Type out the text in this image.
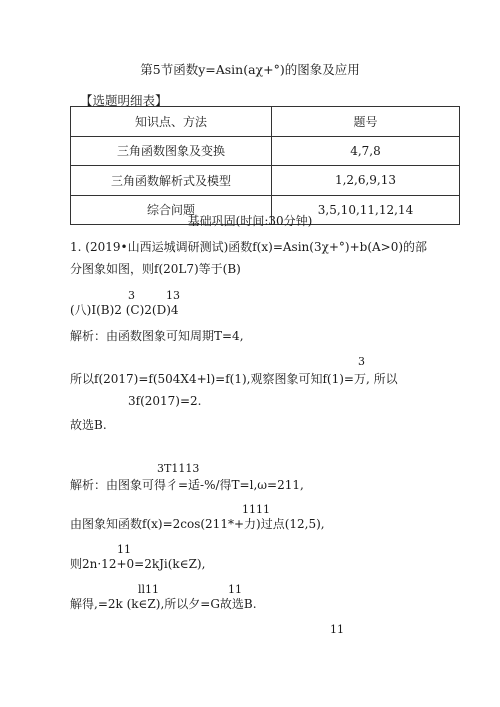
第5节函数y=Asin(aχ+°)的图象及应用
【选题明细表】
知识点、方法	题号
三角函数图象及变换	4,7,8
三角函数解析式及模型	1,2,6,9,13
综合问题	3,5,10,11,12,14
基础巩固(时间:30分钟)
1. (2019•山西运城调研测试)函数f(x)=Asin(3χ+°)+b(A>0)的部
分图象如图，则f(20L7)等于(B)
3	13
(八)I(B)2 (C)2(D)4
解析：由函数图象可知周期T=4,
3
所以f(2017)=f(504X4+l)=f(1),观察图象可知f(1)=万, 所以
3f(2017)=2.
故选B.
3T1113
解析：由图象可得彳=适-%/得T=l,ω=211,
1111
由图象知函数f(x)=2cos(211*+力)过点(12,5),
11
则2n·12+0=2kJi(k∈Z),
ll11	11
解得,=2k (k∈Z),所以夕=G故选B.
11
